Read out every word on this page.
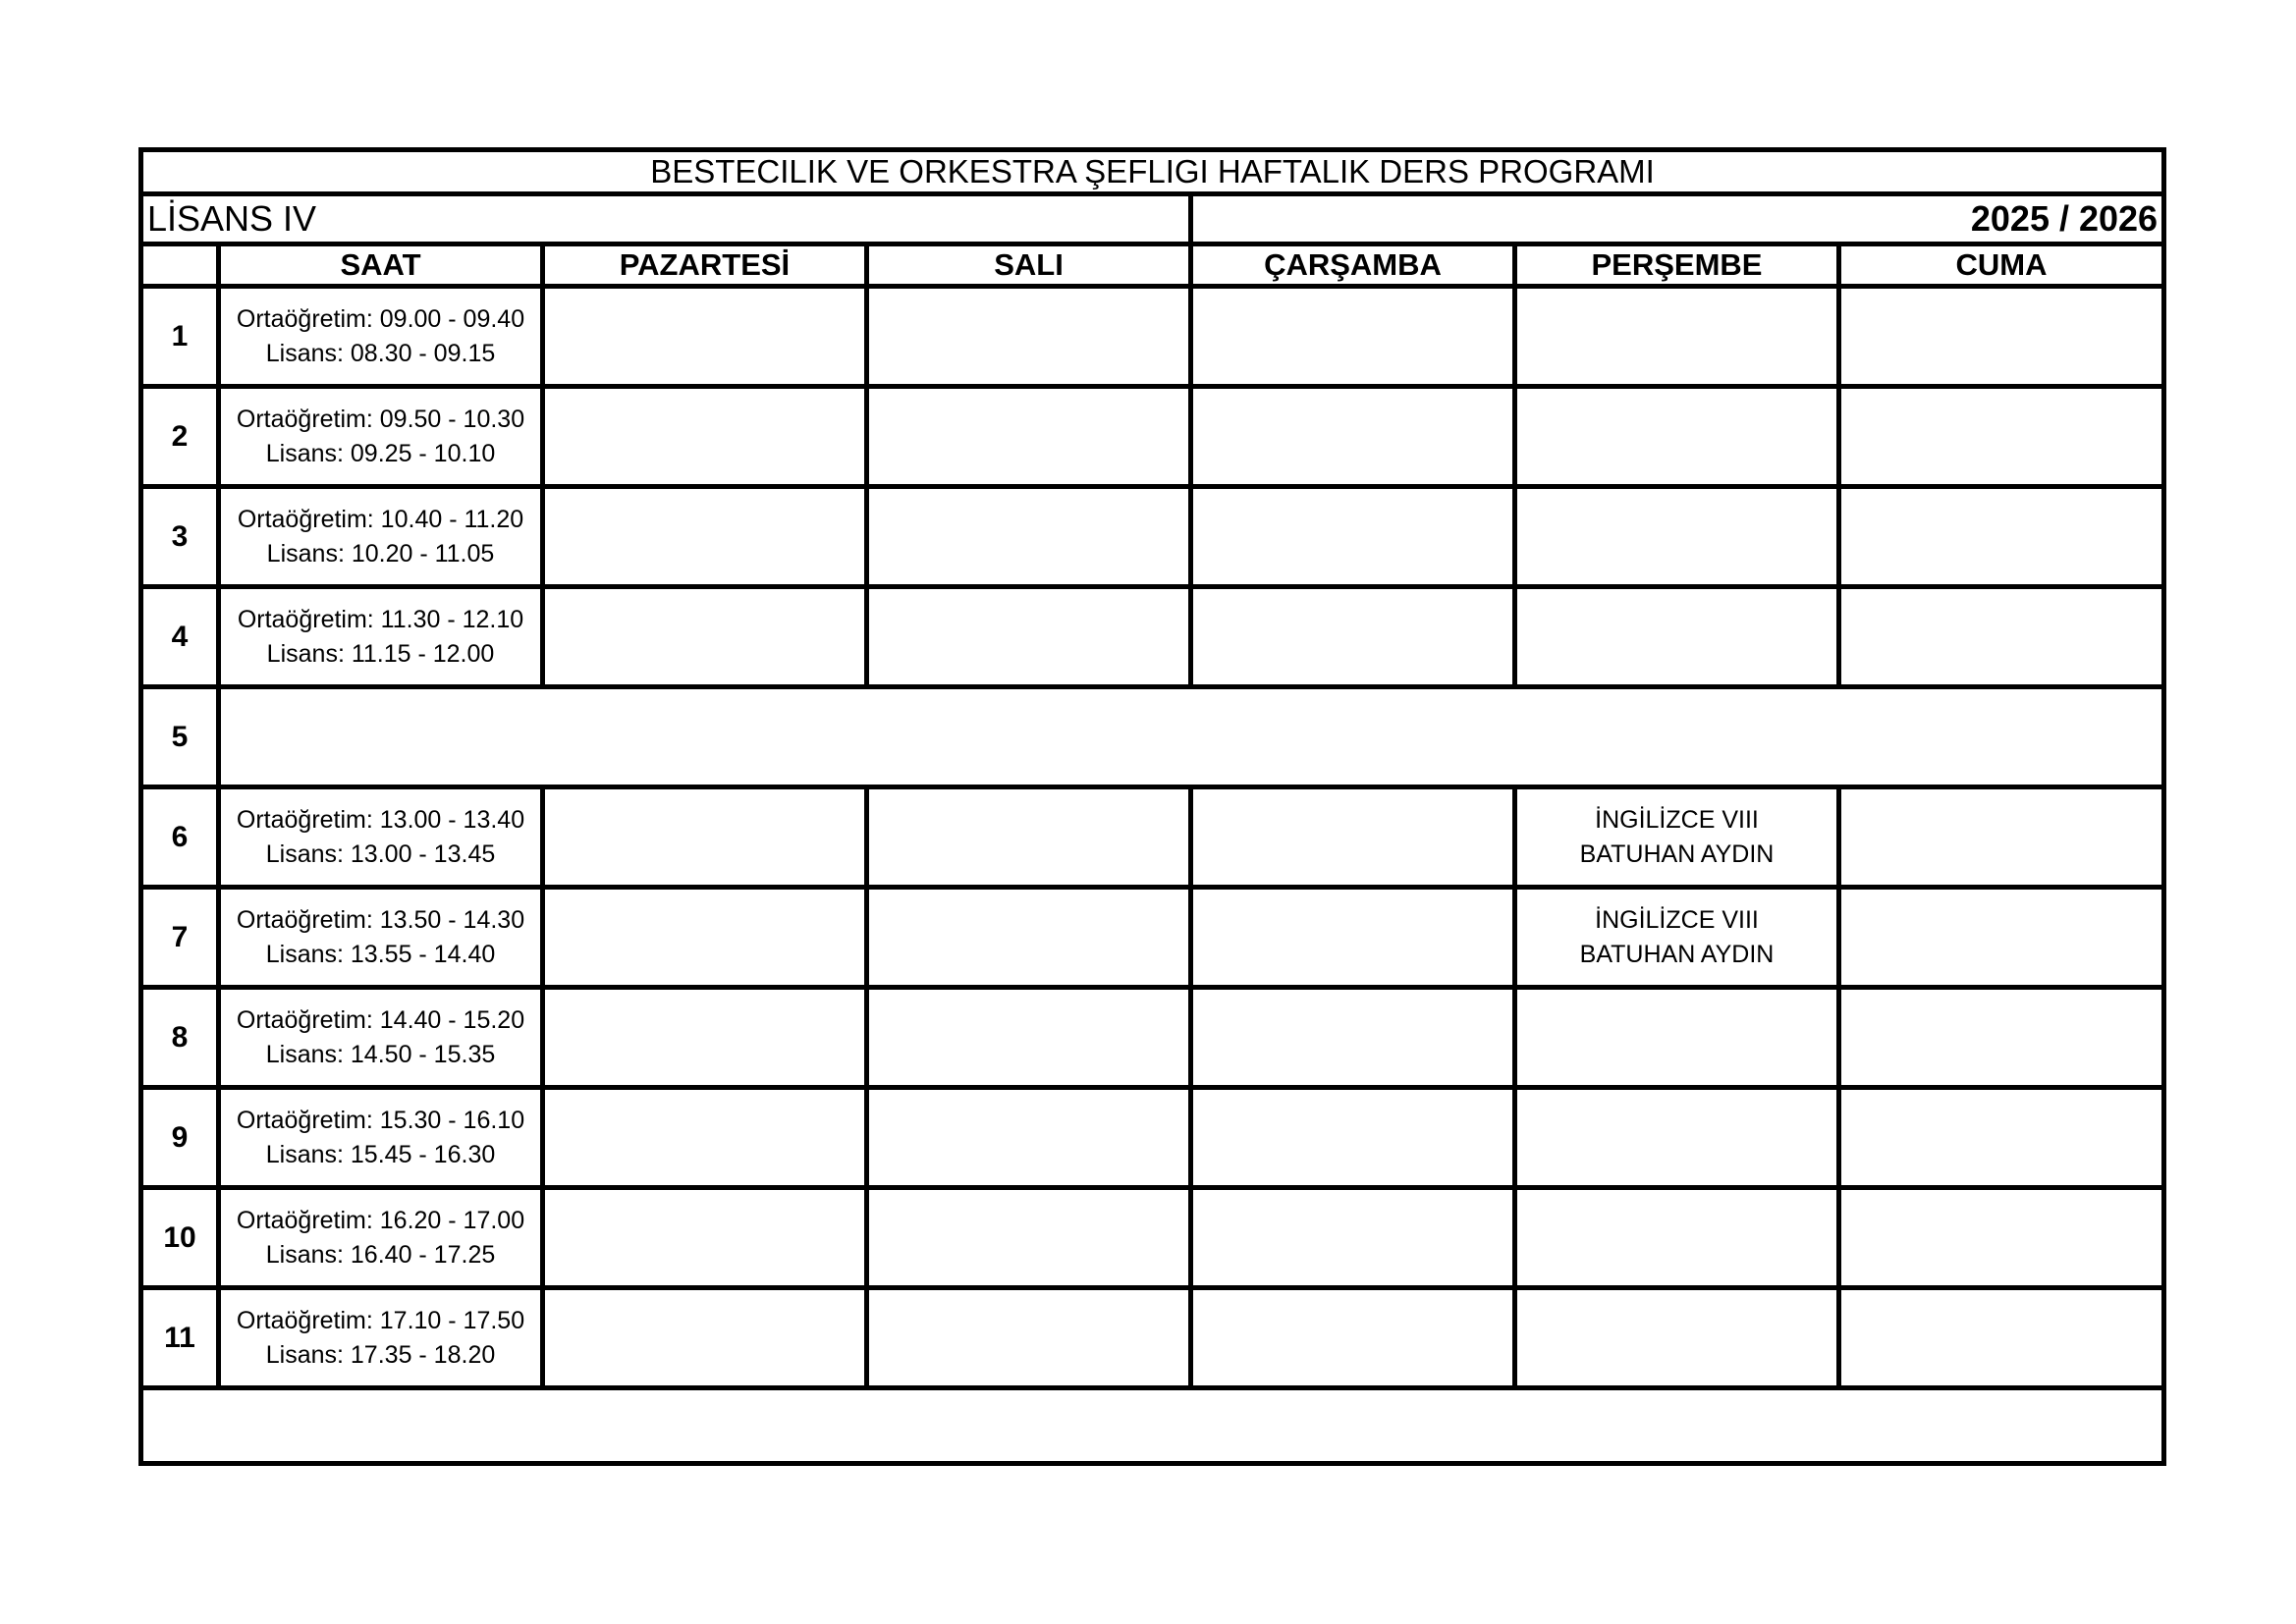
BESTECILIK VE ORKESTRA ŞEFLIGI HAFTALIK DERS PROGRAMI						
LİSANS IV				2025 / 2026		
	SAAT	PAZARTESİ	SALI	ÇARŞAMBA	PERŞEMBE	CUMA
1	Ortaöğretim: 09.00 - 09.40
Lisans: 08.30 - 09.15					

2	Ortaöğretim: 09.50 - 10.30
Lisans: 09.25 - 10.10					

3	Ortaöğretim: 10.40 - 11.20
Lisans: 10.20 - 11.05					

4	Ortaöğretim: 11.30 - 12.10
Lisans: 11.15 - 12.00					

5						
6	Ortaöğretim: 13.00 - 13.40
Lisans: 13.00 - 13.45				İNGİLİZCE VIII
BATUHAN AYDIN	

7	Ortaöğretim: 13.50 - 14.30
Lisans: 13.55 - 14.40				İNGİLİZCE VIII
BATUHAN AYDIN	

8	Ortaöğretim: 14.40 - 15.20
Lisans: 14.50 - 15.35					

9	Ortaöğretim: 15.30 - 16.10
Lisans: 15.45 - 16.30					

10	Ortaöğretim: 16.20 - 17.00
Lisans: 16.40 - 17.25					

11	Ortaöğretim: 17.10 - 17.50
Lisans: 17.35 - 18.20					
